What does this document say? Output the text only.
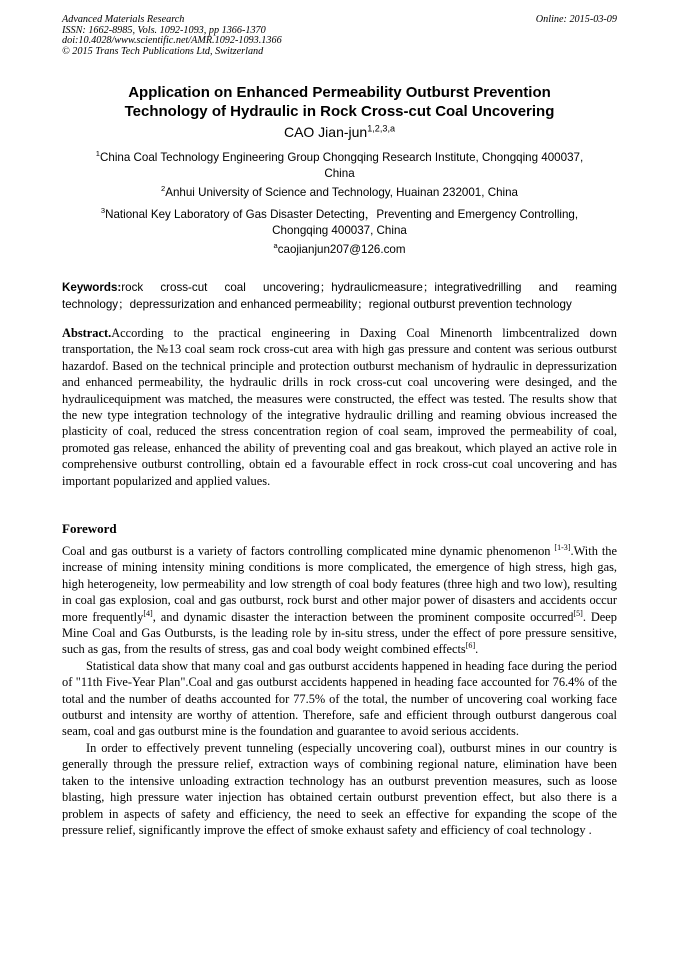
Advanced Materials Research
ISSN: 1662-8985, Vols. 1092-1093, pp 1366-1370
doi:10.4028/www.scientific.net/AMR.1092-1093.1366
© 2015 Trans Tech Publications Ltd, Switzerland
Online: 2015-03-09
Application on Enhanced Permeability Outburst Prevention
Technology of Hydraulic in Rock Cross-cut Coal Uncovering
CAO Jian-jun$^{1,2,3,a}$
$^1$China Coal Technology Engineering Group Chongqing Research Institute, Chongqing 400037,
China
$^2$Anhui University of Science and Technology, Huainan 232001, China
$^3$National Key Laboratory of Gas Disaster Detecting，Preventing and Emergency Controlling,
Chongqing 400037, China
$^a$caojianjun207@126.com
Keywords:rock cross-cut coal uncovering；hydraulicmeasure；integrativedrilling and reaming technology；depressurization and enhanced permeability；regional outburst prevention technology
Abstract.According to the practical engineering in Daxing Coal Minenorth limbcentralized down transportation, the №13 coal seam rock cross-cut area with high gas pressure and content was serious outburst hazardof. Based on the technical principle and protection outburst mechanism of hydraulic in depressurization and enhanced permeability, the hydraulic drills in rock cross-cut coal uncovering were desinged, and the hydraulicequipment was matched, the measures were constructed, the effect was tested. The results show that the new type integration technology of the integrative hydraulic drilling and reaming obvious increased the plasticity of coal, reduced the stress concentration region of coal seam, improved the permeability of coal, promoted gas release, enhanced the ability of preventing coal and gas breakout, which played an active role in comprehensive outburst controlling, obtain ed a favourable effect in rock cross-cut coal uncovering and has important popularized and applied values.
Foreword

Coal and gas outburst is a variety of factors controlling complicated mine dynamic phenomenon [1-3].With the increase of mining intensity mining conditions is more complicated, the emergence of high stress, high gas, high heterogeneity, low permeability and low strength of coal body features (three high and two low), resulting in coal gas explosion, coal and gas outburst, rock burst and other major power of disasters and accidents occur more frequently[4], and dynamic disaster the interaction between the prominent composite occurred[5]. Deep Mine Coal and Gas Outbursts, is the leading role by in-situ stress, under the effect of pore pressure sensitive, such as gas, from the results of stress, gas and coal body weight combined effects[6].

Statistical data show that many coal and gas outburst accidents happened in heading face during the period of "11th Five-Year Plan".Coal and gas outburst accidents happened in heading face accounted for 76.4% of the total and the number of deaths accounted for 77.5% of the total, the number of uncovering coal working face outburst and intensity are worthy of attention. Therefore, safe and efficient through outburst dangerous coal seam, coal and gas outburst mine is the foundation and guarantee to avoid serious accidents.

In order to effectively prevent tunneling (especially uncovering coal), outburst mines in our country is generally through the pressure relief, extraction ways of combining regional nature, elimination have been taken to the intensive unloading extraction technology has an outburst prevention measures, such as loose blasting, high pressure water injection has obtained certain outburst prevention effect, but also there is a problem in aspects of safety and efficiency, the need to seek an effective for expanding the scope of the pressure relief, significantly improve the effect of smoke exhaust safety and efficiency of coal technology .
